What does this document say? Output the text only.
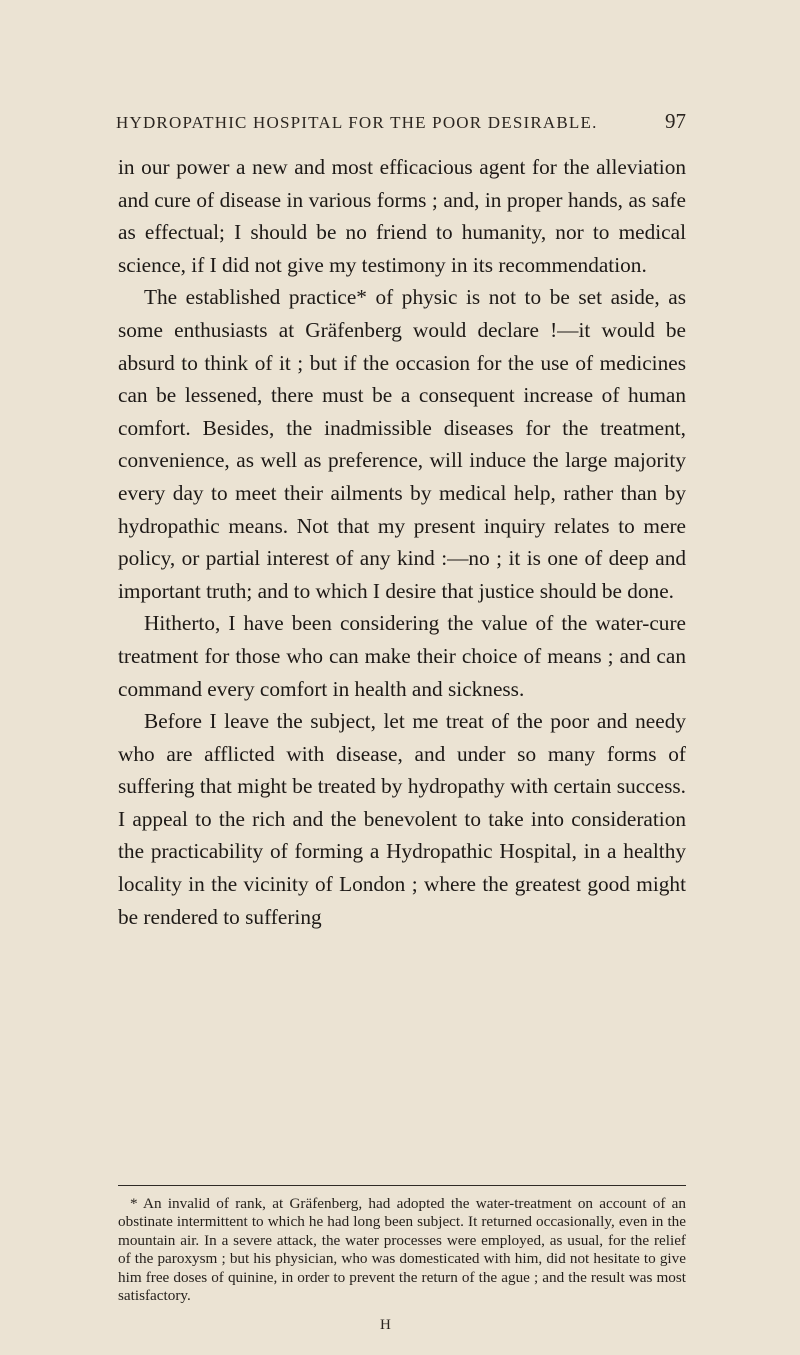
HYDROPATHIC HOSPITAL FOR THE POOR DESIRABLE.	97

in our power a new and most efficacious agent for the alleviation and cure of disease in various forms ; and, in proper hands, as safe as effectual; I should be no friend to humanity, nor to medical science, if I did not give my testimony in its recommendation.

The established practice* of physic is not to be set aside, as some enthusiasts at Gräfenberg would declare !—it would be absurd to think of it ; but if the occasion for the use of medicines can be lessened, there must be a consequent increase of human comfort. Besides, the inadmissible diseases for the treatment, convenience, as well as preference, will induce the large majority every day to meet their ailments by medical help, rather than by hydropathic means. Not that my present inquiry relates to mere policy, or partial interest of any kind :—no ; it is one of deep and important truth; and to which I desire that justice should be done.

Hitherto, I have been considering the value of the water-cure treatment for those who can make their choice of means ; and can command every comfort in health and sickness.

Before I leave the subject, let me treat of the poor and needy who are afflicted with disease, and under so many forms of suffering that might be treated by hydropathy with certain success. I appeal to the rich and the benevolent to take into consideration the practicability of forming a Hydropathic Hospital, in a healthy locality in the vicinity of London ; where the greatest good might be rendered to suffering

* An invalid of rank, at Gräfenberg, had adopted the water-treatment on account of an obstinate intermittent to which he had long been subject. It returned occasionally, even in the mountain air. In a severe attack, the water processes were employed, as usual, for the relief of the paroxysm ; but his physician, who was domesticated with him, did not hesitate to give him free doses of quinine, in order to prevent the return of the ague ; and the result was most satisfactory.

H
